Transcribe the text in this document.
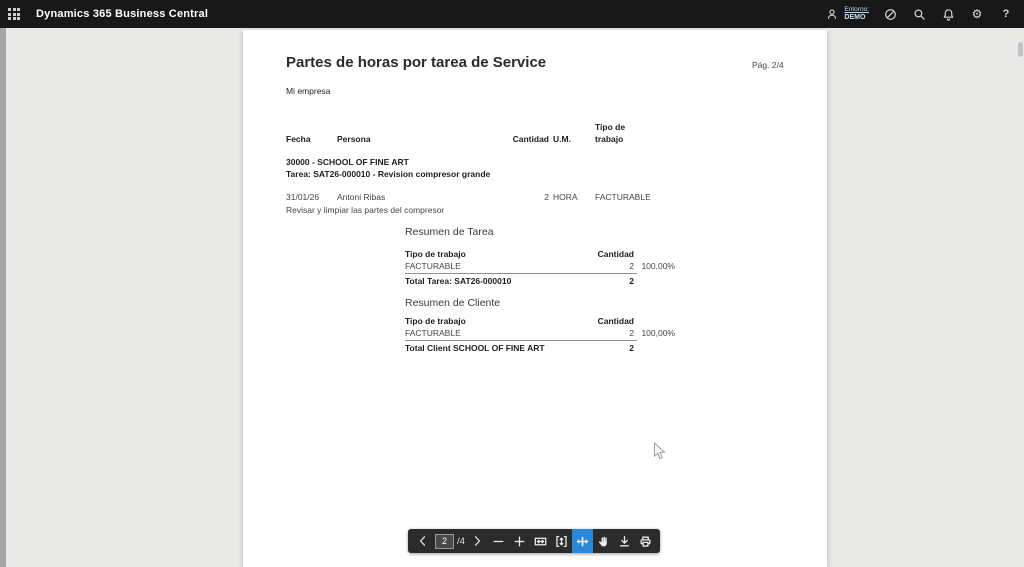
Dynamics 365 Business Central	Entorno:
DEMO	⚙ ?
Partes de horas por tarea de Service	Pág. 2/4
Mi empresa
Tipo de
Fecha	Persona	Cantidad U.M.	trabajo
30000 - SCHOOL OF FINE ART
Tarea: SAT26-000010 - Revision compresor grande
31/01/26 Antoni Ribas	2 HORA FACTURABLE
Revisar y limpiar las partes del compresor
Resumen de Tarea
Tipo de trabajo	Cantidad
FACTURABLE	2 100,00%
Total Tarea: SAT26-000010	2
Resumen de Cliente
Tipo de trabajo	Cantidad
FACTURABLE	2 100,00%
Total Client SCHOOL OF FINE ART	2
2
/4
